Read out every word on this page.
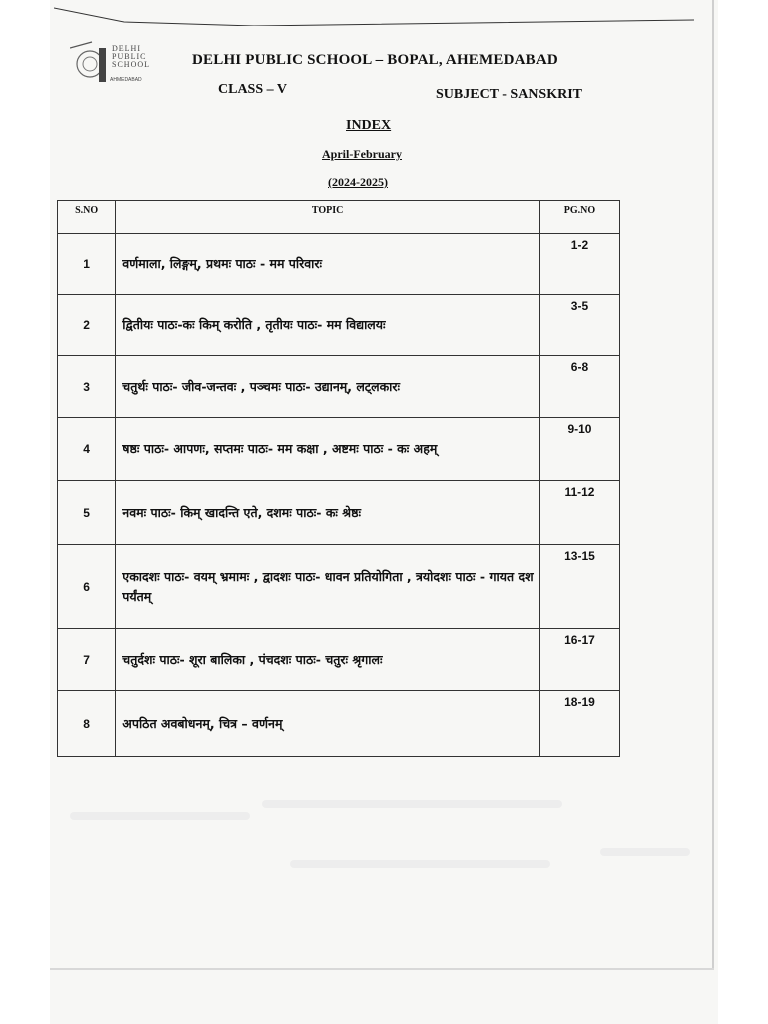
DELHI PUBLIC SCHOOL
AHMEDABAD
DELHI PUBLIC SCHOOL – BOPAL, AHEMEDABAD
CLASS – V	SUBJECT - SANSKRIT
INDEX
April-February
(2024-2025)
S.NO	TOPIC	PG.NO
1	वर्णमाला, लिङ्गम्, प्रथमः पाठः - मम परिवारः	1-2
2	द्वितीयः पाठः-कः किम् करोति , तृतीयः पाठः- मम विद्यालयः	3-5
3	चतुर्थः पाठः- जीव-जन्तवः , पञ्चमः पाठः- उद्यानम्, लट्लकारः	6-8
4	षष्ठः पाठः- आपणः, सप्तमः पाठः- मम कक्षा , अष्टमः पाठः - कः अहम्	9-10
5	नवमः पाठः- किम् खादन्ति एते, दशमः पाठः- कः श्रेष्ठः	11-12
6	एकादशः पाठः- वयम् भ्रमामः , द्वादशः पाठः- धावन प्रतियोगिता , त्रयोदशः पाठः - गायत दश पर्यंतम्	13-15
7	चतुर्दशः पाठः- शूरा बालिका , पंचदशः पाठः- चतुरः श्रृगालः	16-17
8	अपठित अवबोधनम्, चित्र – वर्णनम्	18-19
